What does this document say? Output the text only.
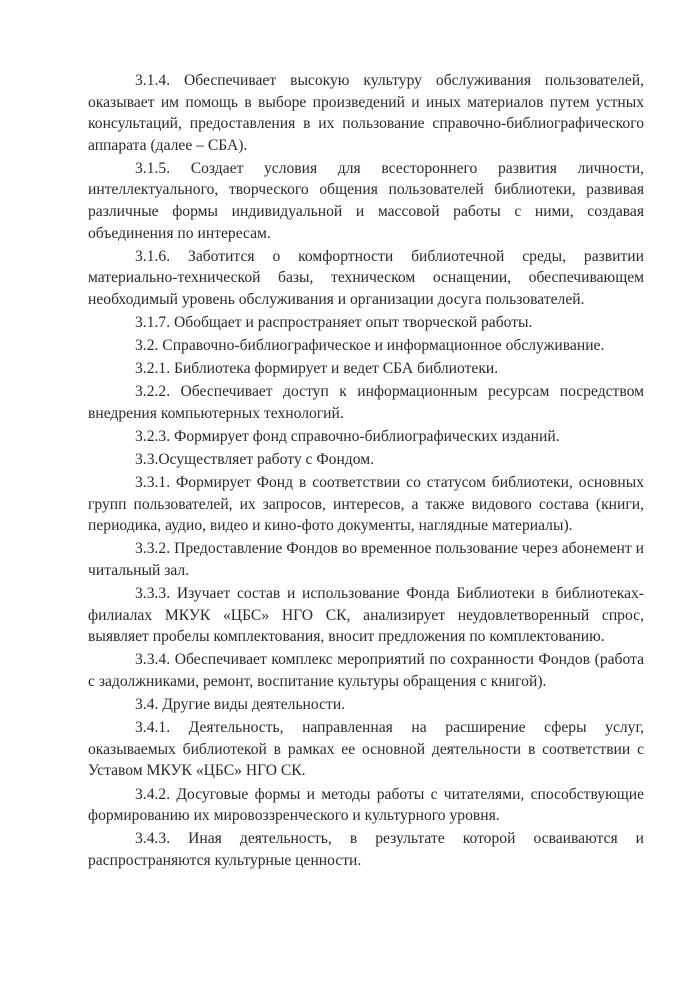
3.1.4. Обеспечивает высокую культуру обслуживания пользователей, оказывает им помощь в выборе произведений и иных материалов путем устных консультаций, предоставления в их пользование справочно-библиографического аппарата (далее – СБА).

3.1.5. Создает условия для всестороннего развития личности, интеллектуального, творческого общения пользователей библиотеки, развивая различные формы индивидуальной и массовой работы с ними, создавая объединения по интересам.

3.1.6. Заботится о комфортности библиотечной среды, развитии материально-технической базы, техническом оснащении, обеспечивающем необходимый уровень обслуживания и организации досуга пользователей.

3.1.7. Обобщает и распространяет опыт творческой работы.

3.2. Справочно-библиографическое и информационное обслуживание.

3.2.1. Библиотека формирует и ведет СБА библиотеки.

3.2.2. Обеспечивает доступ к информационным ресурсам посредством внедрения компьютерных технологий.

3.2.3. Формирует фонд справочно-библиографических изданий.

3.3.Осуществляет работу с Фондом.

3.3.1. Формирует Фонд в соответствии со статусом библиотеки, основных групп пользователей, их запросов, интересов, а также видового состава (книги, периодика, аудио, видео и кино-фото документы, наглядные материалы).

3.3.2. Предоставление Фондов во временное пользование через абонемент и читальный зал.

3.3.3. Изучает состав и использование Фонда Библиотеки в библиотеках-филиалах МКУК «ЦБС» НГО СК, анализирует неудовлетворенный спрос, выявляет пробелы комплектования, вносит предложения по комплектованию.

3.3.4. Обеспечивает комплекс мероприятий по сохранности Фондов (работа с задолжниками, ремонт, воспитание культуры обращения с книгой).

3.4. Другие виды деятельности.

3.4.1. Деятельность, направленная на расширение сферы услуг, оказываемых библиотекой в рамках ее основной деятельности в соответствии с Уставом МКУК «ЦБС» НГО СК.

3.4.2. Досуговые формы и методы работы с читателями, способствующие формированию их мировоззренческого и культурного уровня.

3.4.3. Иная деятельность, в результате которой осваиваются и распространяются культурные ценности.
